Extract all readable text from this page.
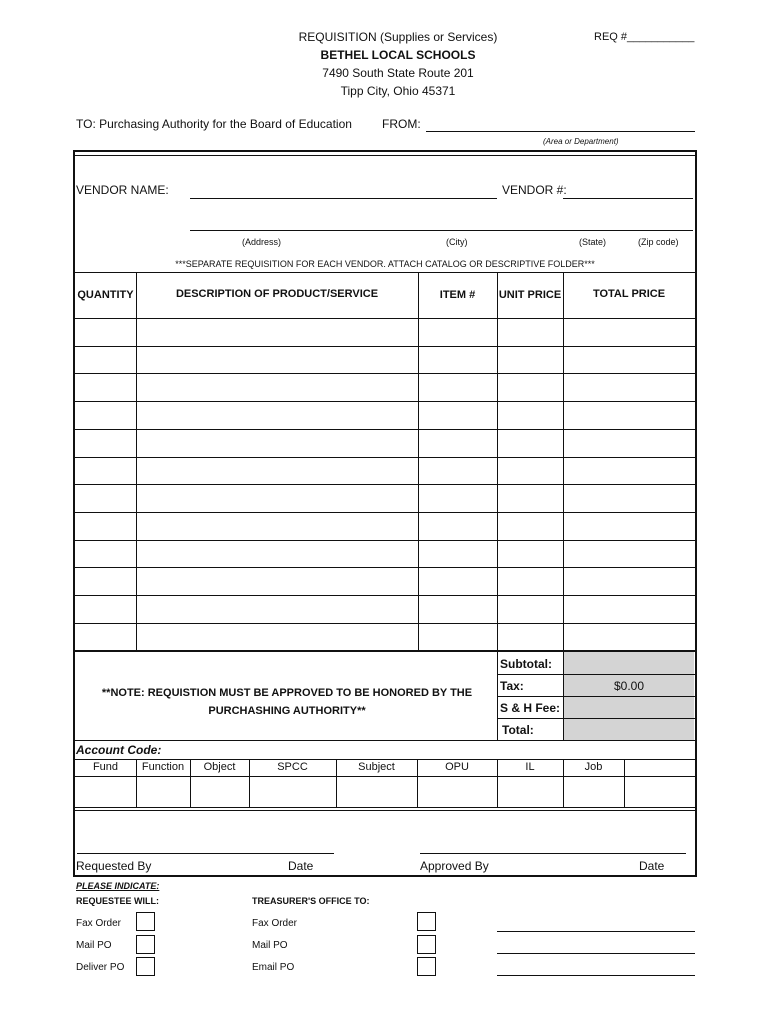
REQUISITION (Supplies or Services)	REQ #___________
BETHEL LOCAL SCHOOLS
7490 South State Route 201
Tipp City, Ohio 45371
TO: Purchasing Authority for the Board of Education	FROM:
(Area or Department)
VENDOR NAME:	VENDOR #:
(Address)	(City)	(State)	(Zip code)
***SEPARATE REQUISITION FOR EACH VENDOR. ATTACH CATALOG OR DESCRIPTIVE FOLDER***
QUANTITY	DESCRIPTION OF PRODUCT/SERVICE	ITEM #	UNIT PRICE	TOTAL PRICE
**NOTE: REQUISTION MUST BE APPROVED TO BE HONORED BY THE PURCHASHING AUTHORITY**
Subtotal:
Tax:	$0.00
S & H Fee:
Total:
Account Code:
Fund	Function	Object	SPCC	Subject	OPU	IL	Job
Requested By	Date	Approved By	Date
PLEASE INDICATE:
REQUESTEE WILL:	TREASURER'S OFFICE TO:
Fax Order
Mail PO
Deliver PO
Fax Order
Mail PO
Email PO
